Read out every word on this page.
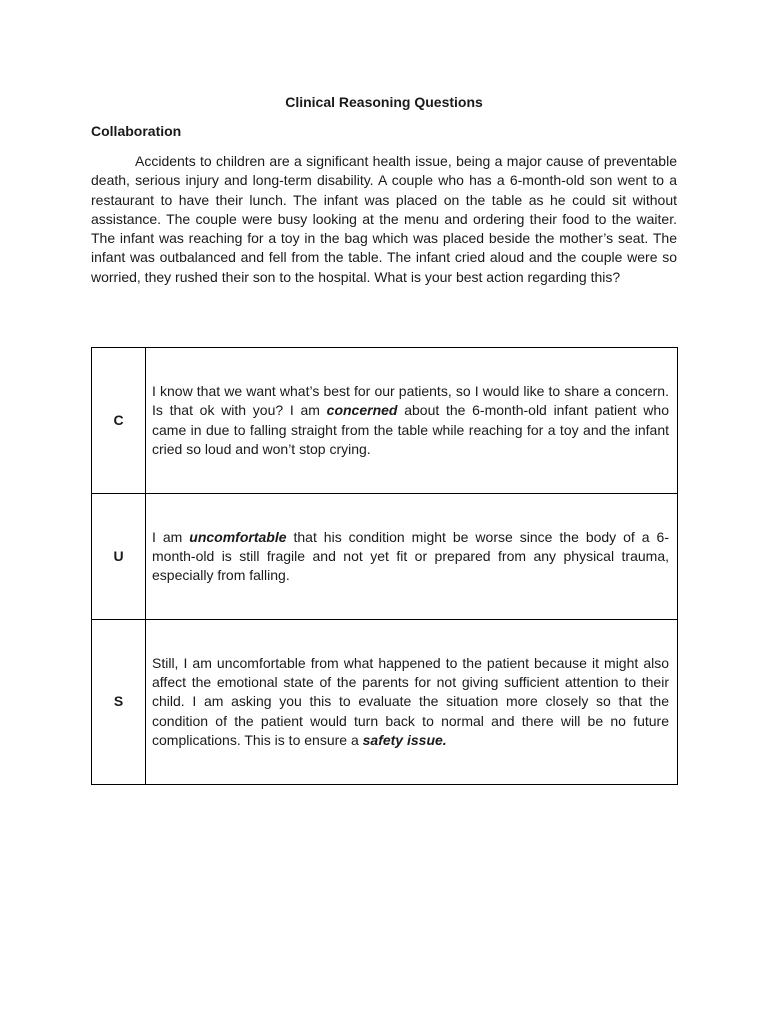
Clinical Reasoning Questions
Collaboration

Accidents to children are a significant health issue, being a major cause of preventable death, serious injury and long-term disability. A couple who has a 6-month-old son went to a restaurant to have their lunch. The infant was placed on the table as he could sit without assistance. The couple were busy looking at the menu and ordering their food to the waiter. The infant was reaching for a toy in the bag which was placed beside the mother’s seat. The infant was outbalanced and fell from the table. The infant cried aloud and the couple were so worried, they rushed their son to the hospital. What is your best action regarding this?

C	I know that we want what’s best for our patients, so I would like to share a concern. Is that ok with you? I am concerned about the 6-month-old infant patient who came in due to falling straight from the table while reaching for a toy and the infant cried so loud and won’t stop crying.
U	I am uncomfortable that his condition might be worse since the body of a 6-month-old is still fragile and not yet fit or prepared from any physical trauma, especially from falling.
S	Still, I am uncomfortable from what happened to the patient because it might also affect the emotional state of the parents for not giving sufficient attention to their child. I am asking you this to evaluate the situation more closely so that the condition of the patient would turn back to normal and there will be no future complications. This is to ensure a safety issue.
